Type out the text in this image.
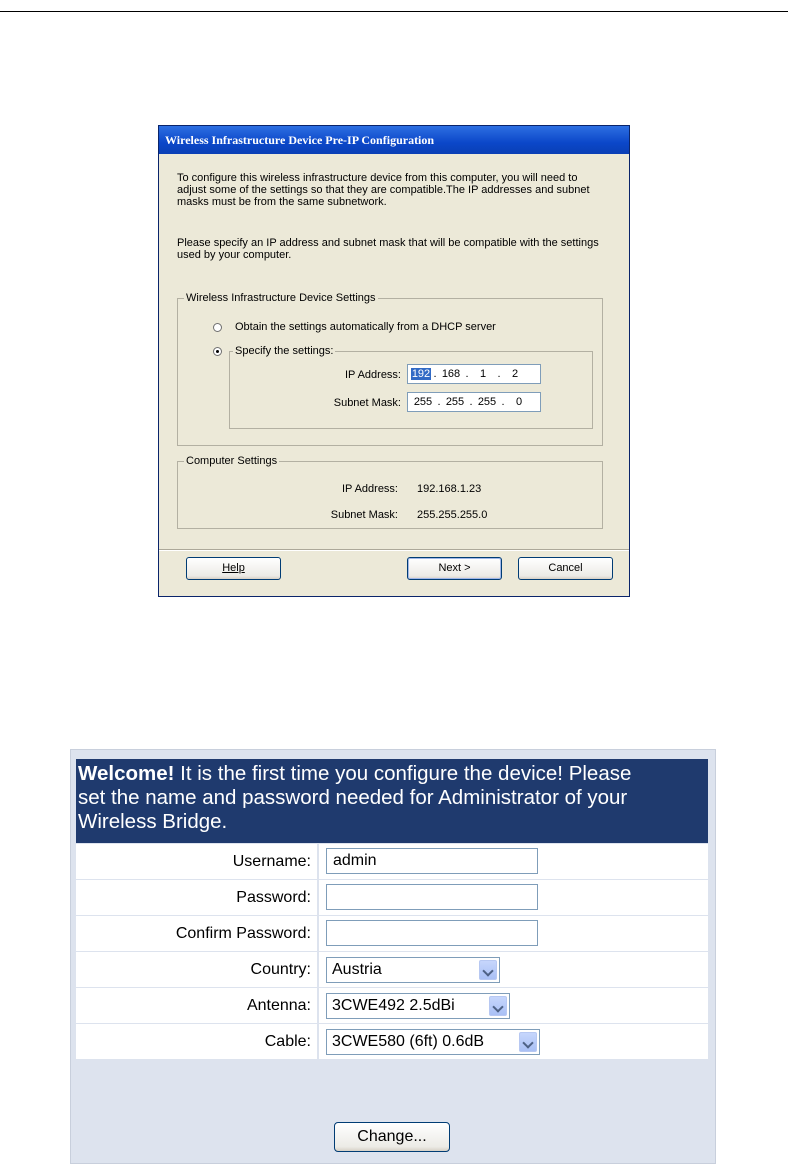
Wireless Infrastructure Device Pre-IP Configuration
To configure this wireless infrastructure device from this computer, you will need to
adjust some of the settings so that they are compatible.The IP addresses and subnet
masks must be from the same subnetwork.
Please specify an IP address and subnet mask that will be compatible with the settings
used by your computer.
Wireless Infrastructure Device Settings
Obtain the settings automatically from a DHCP server
Specify the settings:
IP Address: 192 . 168 .	1	.	2
Subnet Mask: 255 . 255 . 255 .	0
Computer Settings
IP Address: 192.168.1.23
Subnet Mask: 255.255.255.0
Help	Next >	Cancel
Welcome! It is the first time you configure the device! Please
set the name and password needed for Administrator of your
Wireless Bridge.
Username:	admin
Password:
Confirm Password:
Country:	Austria
Antenna:	3CWE492 2.5dBi
Cable:	3CWE580 (6ft) 0.6dB
Change...
